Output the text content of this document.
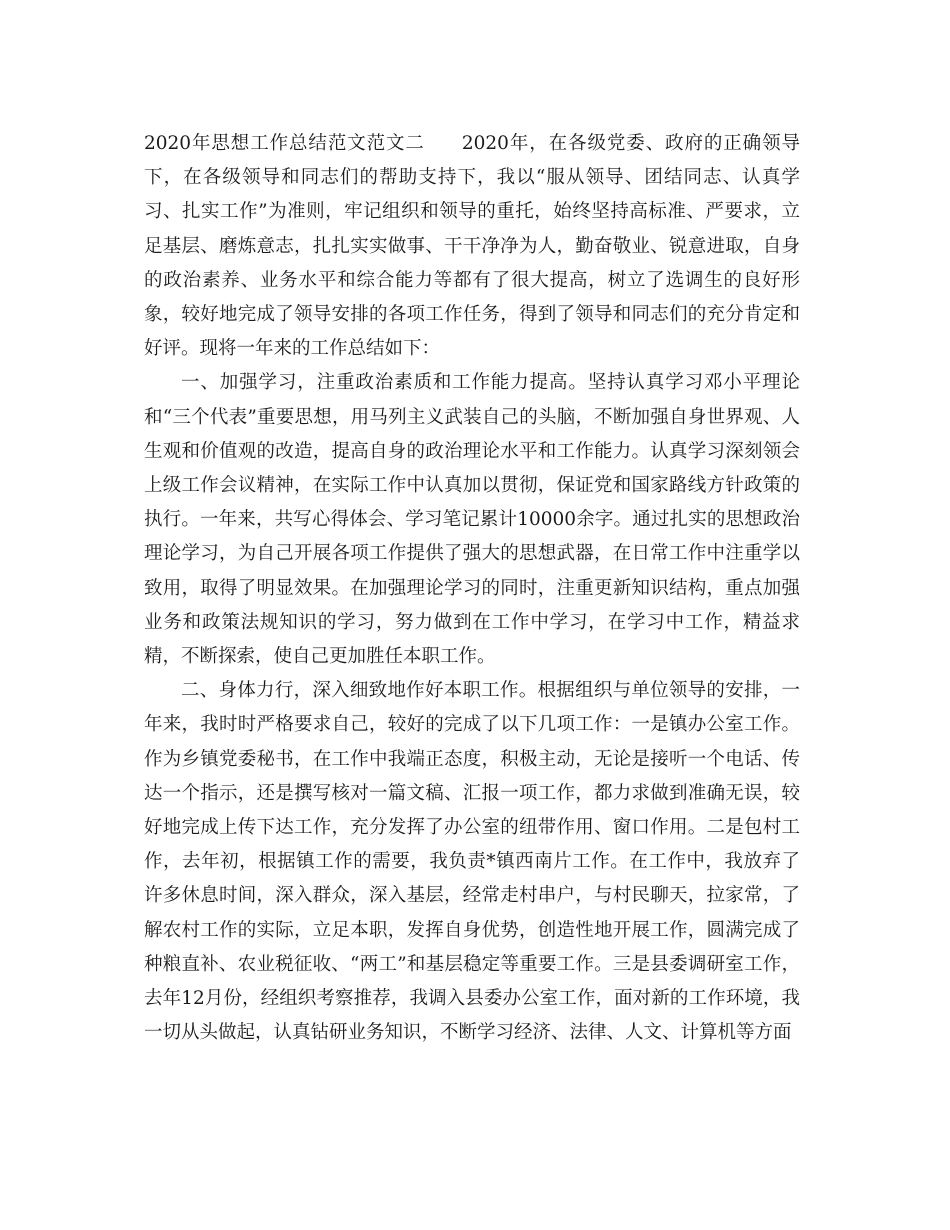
2020年思想工作总结范文范文二 2020年，在各级党委、政府的正确领导下，在各级领导和同志们的帮助支持下，我以“服从领导、团结同志、认真学习、扎实工作”为准则，牢记组织和领导的重托，始终坚持高标准、严要求，立足基层、磨炼意志，扎扎实实做事、干干净净为人，勤奋敬业、锐意进取，自身的政治素养、业务水平和综合能力等都有了很大提高，树立了选调生的良好形象，较好地完成了领导安排的各项工作任务，得到了领导和同志们的充分肯定和好评。现将一年来的工作总结如下：

一、加强学习，注重政治素质和工作能力提高。坚持认真学习邓小平理论和“三个代表”重要思想，用马列主义武装自己的头脑，不断加强自身世界观、人生观和价值观的改造，提高自身的政治理论水平和工作能力。认真学习深刻领会上级工作会议精神，在实际工作中认真加以贯彻，保证党和国家路线方针政策的执行。一年来，共写心得体会、学习笔记累计10000余字。通过扎实的思想政治理论学习，为自己开展各项工作提供了强大的思想武器，在日常工作中注重学以致用，取得了明显效果。在加强理论学习的同时，注重更新知识结构，重点加强业务和政策法规知识的学习，努力做到在工作中学习，在学习中工作，精益求精，不断探索，使自己更加胜任本职工作。

二、身体力行，深入细致地作好本职工作。根据组织与单位领导的安排，一年来，我时时严格要求自己，较好的完成了以下几项工作：一是镇办公室工作。作为乡镇党委秘书，在工作中我端正态度，积极主动，无论是接听一个电话、传达一个指示，还是撰写核对一篇文稿、汇报一项工作，都力求做到准确无误，较好地完成上传下达工作，充分发挥了办公室的纽带作用、窗口作用。二是包村工作，去年初，根据镇工作的需要，我负责*镇西南片工作。在工作中，我放弃了许多休息时间，深入群众，深入基层，经常走村串户，与村民聊天，拉家常，了解农村工作的实际，立足本职，发挥自身优势，创造性地开展工作，圆满完成了种粮直补、农业税征收、“两工”和基层稳定等重要工作。三是县委调研室工作，去年12月份，经组织考察推荐，我调入县委办公室工作，面对新的工作环境，我一切从头做起，认真钻研业务知识，不断学习经济、法律、人文、计算机等方面
